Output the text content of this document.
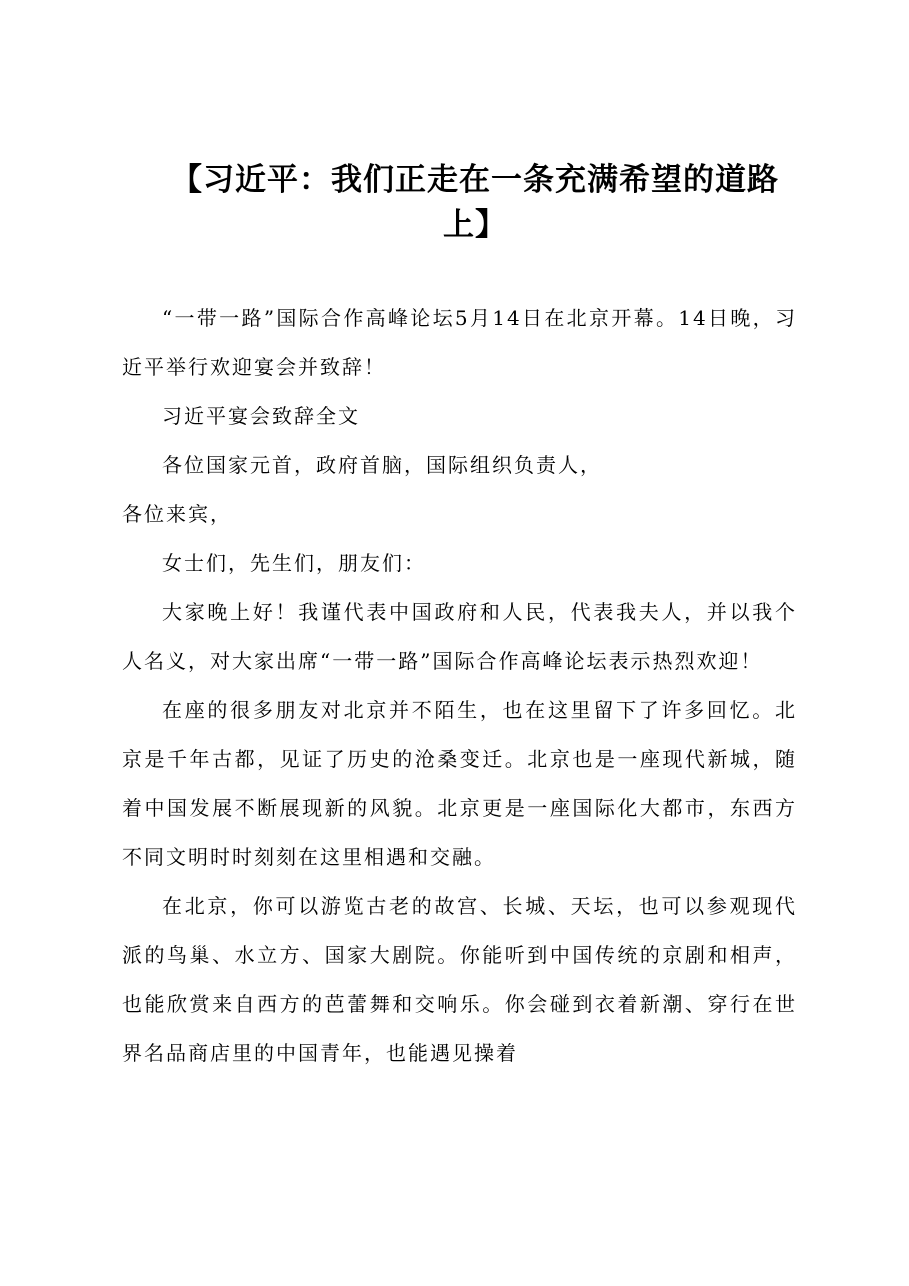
【习近平：我们正走在一条充满希望的道路上】

“一带一路”国际合作高峰论坛5月14日在北京开幕。14日晚，习近平举行欢迎宴会并致辞！

习近平宴会致辞全文

各位国家元首，政府首脑，国际组织负责人，

各位来宾，

女士们，先生们，朋友们：

大家晚上好！我谨代表中国政府和人民，代表我夫人，并以我个人名义，对大家出席“一带一路”国际合作高峰论坛表示热烈欢迎！

在座的很多朋友对北京并不陌生，也在这里留下了许多回忆。北京是千年古都，见证了历史的沧桑变迁。北京也是一座现代新城，随着中国发展不断展现新的风貌。北京更是一座国际化大都市，东西方不同文明时时刻刻在这里相遇和交融。

在北京，你可以游览古老的故宫、长城、天坛，也可以参观现代派的鸟巢、水立方、国家大剧院。你能听到中国传统的京剧和相声，也能欣赏来自西方的芭蕾舞和交响乐。你会碰到衣着新潮、穿行在世界名品商店里的中国青年，也能遇见操着
